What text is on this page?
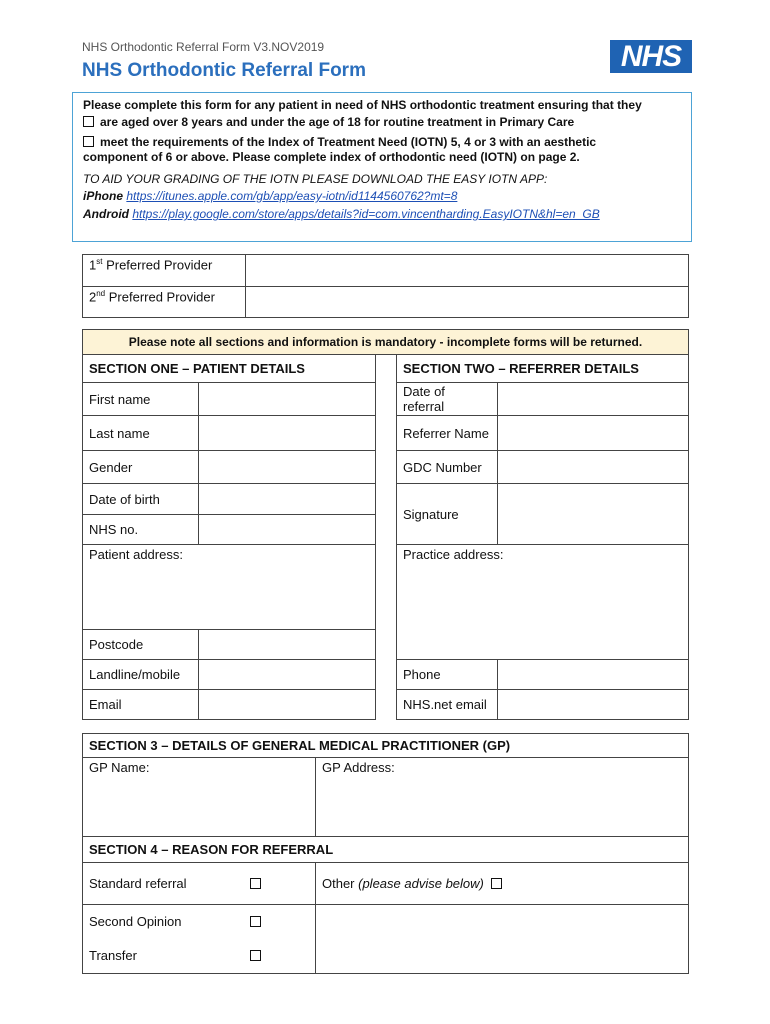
NHS Orthodontic Referral Form V3.NOV2019
NHS Orthodontic Referral Form	NHS
Please complete this form for any patient in need of NHS orthodontic treatment ensuring that they
are aged over 8 years and under the age of 18 for routine treatment in Primary Care
meet the requirements of the Index of Treatment Need (IOTN) 5, 4 or 3 with an aesthetic
component of 6 or above. Please complete index of orthodontic need (IOTN) on page 2.
TO AID YOUR GRADING OF THE IOTN PLEASE DOWNLOAD THE EASY IOTN APP:
iPhone https://itunes.apple.com/gb/app/easy-iotn/id1144560762?mt=8
Android https://play.google.com/store/apps/details?id=com.vincentharding.EasyIOTN&hl=en_GB
1st Preferred Provider	
2nd Preferred Provider	
Please note all sections and information is mandatory - incomplete forms will be returned.				
SECTION ONE – PATIENT DETAILS			SECTION TWO – REFERRER DETAILS	
First name			Date of
referral	
Last name			Referrer Name	
Gender			GDC Number	
Date of birth			Signature	
NHS no.				
Patient address:			Practice address:	
Postcode				
Landline/mobile			Phone	
Email			NHS.net email	
SECTION 3 – DETAILS OF GENERAL MEDICAL PRACTITIONER (GP)	
GP Name:	GP Address:
SECTION 4 – REASON FOR REFERRAL	
Standard referral	Other (please advise below)
Second Opinion

Transfer	
